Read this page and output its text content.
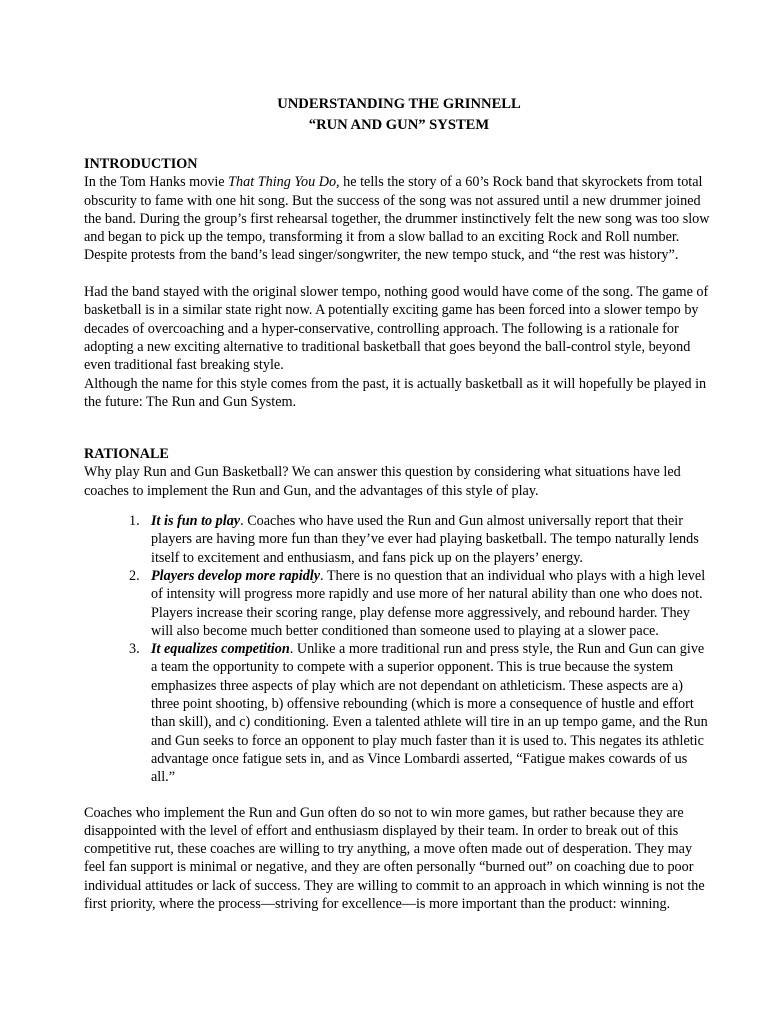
UNDERSTANDING THE GRINNELL

“RUN AND GUN” SYSTEM

INTRODUCTION

In the Tom Hanks movie That Thing You Do, he tells the story of a 60’s Rock band that skyrockets from total obscurity to fame with one hit song. But the success of the song was not assured until a new drummer joined the band. During the group’s first rehearsal together, the drummer instinctively felt the new song was too slow and began to pick up the tempo, transforming it from a slow ballad to an exciting Rock and Roll number. Despite protests from the band’s lead singer/songwriter, the new tempo stuck, and “the rest was history”.

Had the band stayed with the original slower tempo, nothing good would have come of the song. The game of basketball is in a similar state right now. A potentially exciting game has been forced into a slower tempo by decades of overcoaching and a hyper-conservative, controlling approach. The following is a rationale for adopting a new exciting alternative to traditional basketball that goes beyond the ball-control style, beyond even traditional fast breaking style.

Although the name for this style comes from the past, it is actually basketball as it will hopefully be played in the future: The Run and Gun System.

RATIONALE

Why play Run and Gun Basketball? We can answer this question by considering what situations have led coaches to implement the Run and Gun, and the advantages of this style of play.

1. It is fun to play. Coaches who have used the Run and Gun almost universally report that their players are having more fun than they’ve ever had playing basketball. The tempo naturally lends itself to excitement and enthusiasm, and fans pick up on the players’ energy.
2. Players develop more rapidly. There is no question that an individual who plays with a high level of intensity will progress more rapidly and use more of her natural ability than one who does not. Players increase their scoring range, play defense more aggressively, and rebound harder. They will also become much better conditioned than someone used to playing at a slower pace.
3. It equalizes competition. Unlike a more traditional run and press style, the Run and Gun can give a team the opportunity to compete with a superior opponent. This is true because the system emphasizes three aspects of play which are not dependant on athleticism. These aspects are a) three point shooting, b) offensive rebounding (which is more a consequence of hustle and effort than skill), and c) conditioning. Even a talented athlete will tire in an up tempo game, and the Run and Gun seeks to force an opponent to play much faster than it is used to. This negates its athletic advantage once fatigue sets in, and as Vince Lombardi asserted, “Fatigue makes cowards of us all.”

Coaches who implement the Run and Gun often do so not to win more games, but rather because they are disappointed with the level of effort and enthusiasm displayed by their team. In order to break out of this competitive rut, these coaches are willing to try anything, a move often made out of desperation. They may feel fan support is minimal or negative, and they are often personally “burned out” on coaching due to poor individual attitudes or lack of success. They are willing to commit to an approach in which winning is not the first priority, where the process—striving for excellence—is more important than the product: winning.
